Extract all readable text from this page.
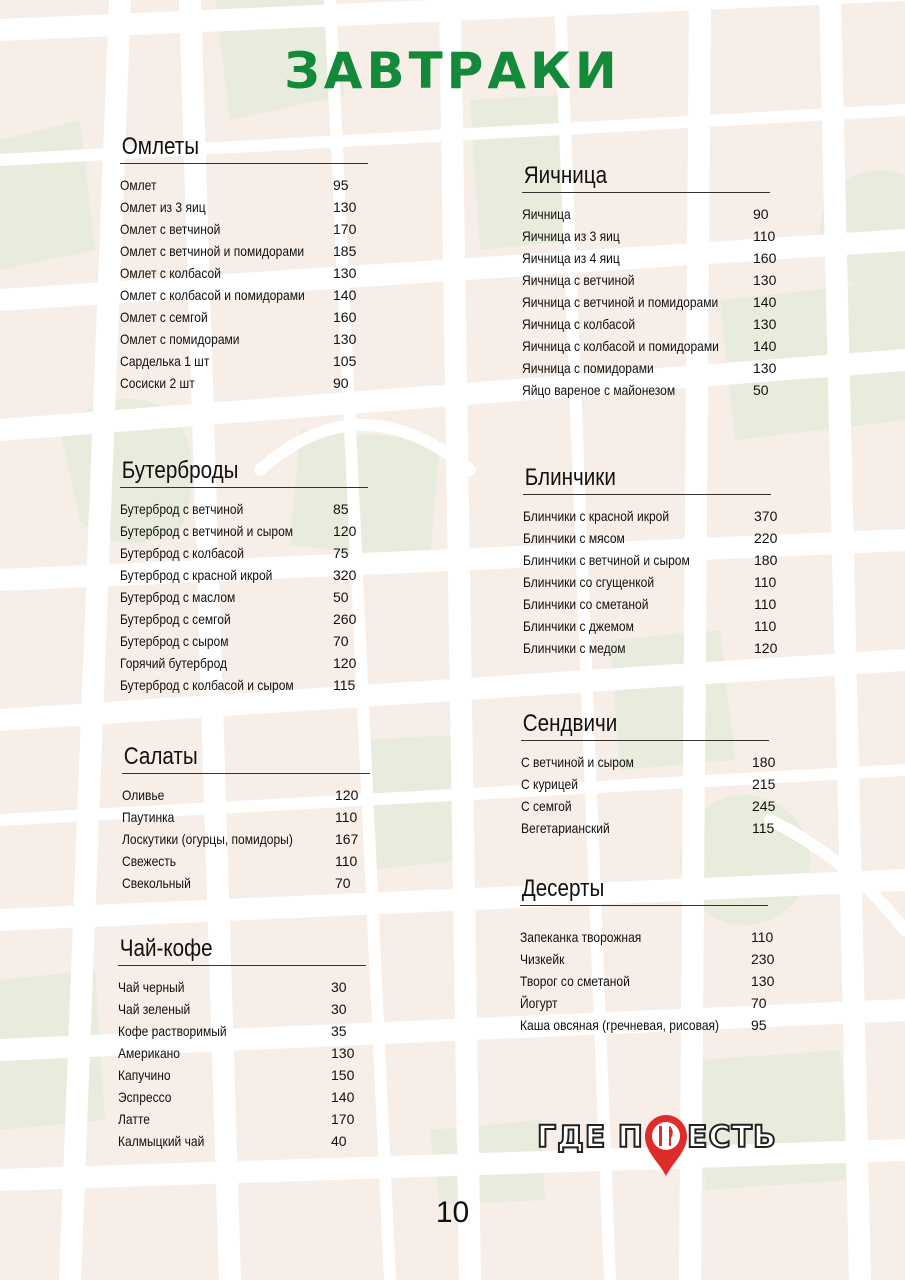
ЗАВТРАКИ
Омлеты
Омлет	95
Омлет из 3 яиц	130
Омлет с ветчиной	170
Омлет с ветчиной и помидорами 185
Омлет с колбасой	130
Омлет с колбасой и помидорами 140
Омлет с семгой	160
Омлет с помидорами	130
Сарделька 1 шт	105
Сосиски 2 шт	90
Бутерброды
Бутерброд с ветчиной	85
Бутерброд с ветчиной и сыром	120
Бутерброд с колбасой	75
Бутерброд с красной икрой	320
Бутерброд с маслом	50
Бутерброд с семгой	260
Бутерброд с сыром	70
Горячий бутерброд	120
Бутерброд с колбасой и сыром	115
Салаты
Оливье	120
Паутинка	110
Лоскутики (огурцы, помидоры)	167
Свежесть	110
Свекольный	70
Чай-кофе
Чай черный	30
Чай зеленый	30
Кофе растворимый	35
Американо	130
Капучино	150
Эспрессо	140
Латте	170
Калмыцкий чай	40
Яичница
Яичница	90
Яичница из 3 яиц	110
Яичница из 4 яиц	160
Яичница с ветчиной	130
Яичница с ветчиной и помидорами 140
Яичница с колбасой	130
Яичница с колбасой и помидорами 140
Яичница с помидорами	130
Яйцо вареное с майонезом	50
Блинчики
Блинчики с красной икрой	370
Блинчики с мясом	220
Блинчики с ветчиной и сыром	180
Блинчики со сгущенкой	110
Блинчики со сметаной	110
Блинчики с джемом	110
Блинчики с медом	120
Сендвичи
С ветчиной и сыром	180
С курицей	215
С семгой	245
Вегетарианский	115
Десерты
Запеканка творожная	110
Чизкейк	230
Творог со сметаной	130
Йогурт	70
Каша овсяная (гречневая, рисовая) 95
ГДЕ П ЕСТЬ
10
